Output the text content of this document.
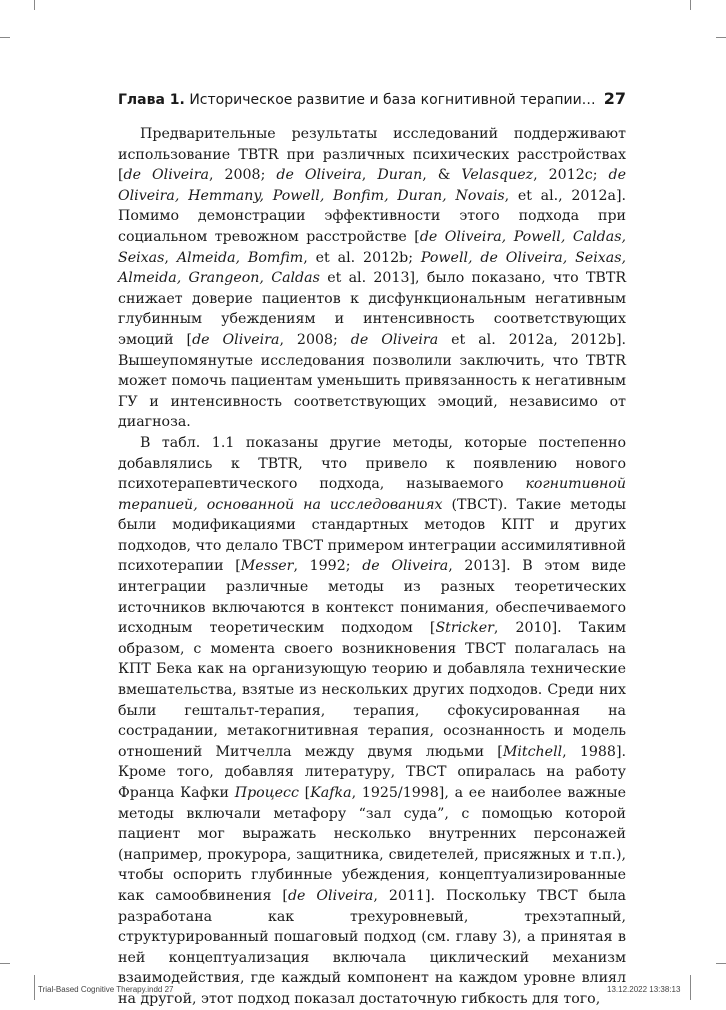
Глава 1. Историческое развитие и база когнитивной терапии… 27

Предварительные результаты исследований поддерживают использование TBTR при различных психических расстройствах [de Oliveira, 2008; de Oliveira, Duran, & Velasquez, 2012c; de Oliveira, Hemmany, Powell, Bonfim, Duran, Novais, et al., 2012a]. Помимо демонстрации эффективности этого подхода при социальном тревожном расстройстве [de Oliveira, Powell, Caldas, Seixas, Almeida, Bomfim, et al. 2012b; Powell, de Oliveira, Seixas, Almeida, Grangeon, Caldas et al. 2013], было показано, что TBTR снижает доверие пациентов к дисфункциональным негативным глубинным убеждениям и интенсивность соответствующих эмоций [de Oliveira, 2008; de Oliveira et al. 2012a, 2012b]. Вышеупомянутые исследования позволили заключить, что TBTR может помочь пациентам уменьшить привязанность к негативным ГУ и интенсивность соответствующих эмоций, независимо от диагноза.

В табл. 1.1 показаны другие методы, которые постепенно добавлялись к TBTR, что привело к появлению нового психотерапевтического подхода, называемого когнитивной терапией, основанной на исследованиях (TBCT). Такие методы были модификациями стандартных методов КПТ и других подходов, что делало TBCT примером интеграции ассимилятивной психотерапии [Messer, 1992; de Oliveira, 2013]. В этом виде интеграции различные методы из разных теоретических источников включаются в контекст понимания, обеспечиваемого исходным теоретическим подходом [Stricker, 2010]. Таким образом, с момента своего возникновения TBCT полагалась на КПТ Бека как на организующую теорию и добавляла технические вмешательства, взятые из нескольких других подходов. Среди них были гештальт-терапия, терапия, сфокусированная на сострадании, метакогнитивная терапия, осознанность и модель отношений Митчелла между двумя людьми [Mitchell, 1988]. Кроме того, добавляя литературу, TBCT опиралась на работу Франца Кафки Процесс [Kafka, 1925/1998], а ее наиболее важные методы включали метафору “зал суда”, с помощью которой пациент мог выражать несколько внутренних персонажей (например, прокурора, защитника, свидетелей, присяжных и т.п.), чтобы оспорить глубинные убеждения, концептуализированные как самообвинения [de Oliveira, 2011]. Поскольку TBCT была разработана как трехуровневый, трехэтапный, структурированный пошаговый подход (см. главу 3), а принятая в ней концептуализация включала циклический механизм взаимодействия, где каждый компонент на каждом уровне влиял на другой, этот подход показал достаточную гибкость для того,

Trial-Based Cognitive Therapy.indd 27	13.12.2022 13:38:13
